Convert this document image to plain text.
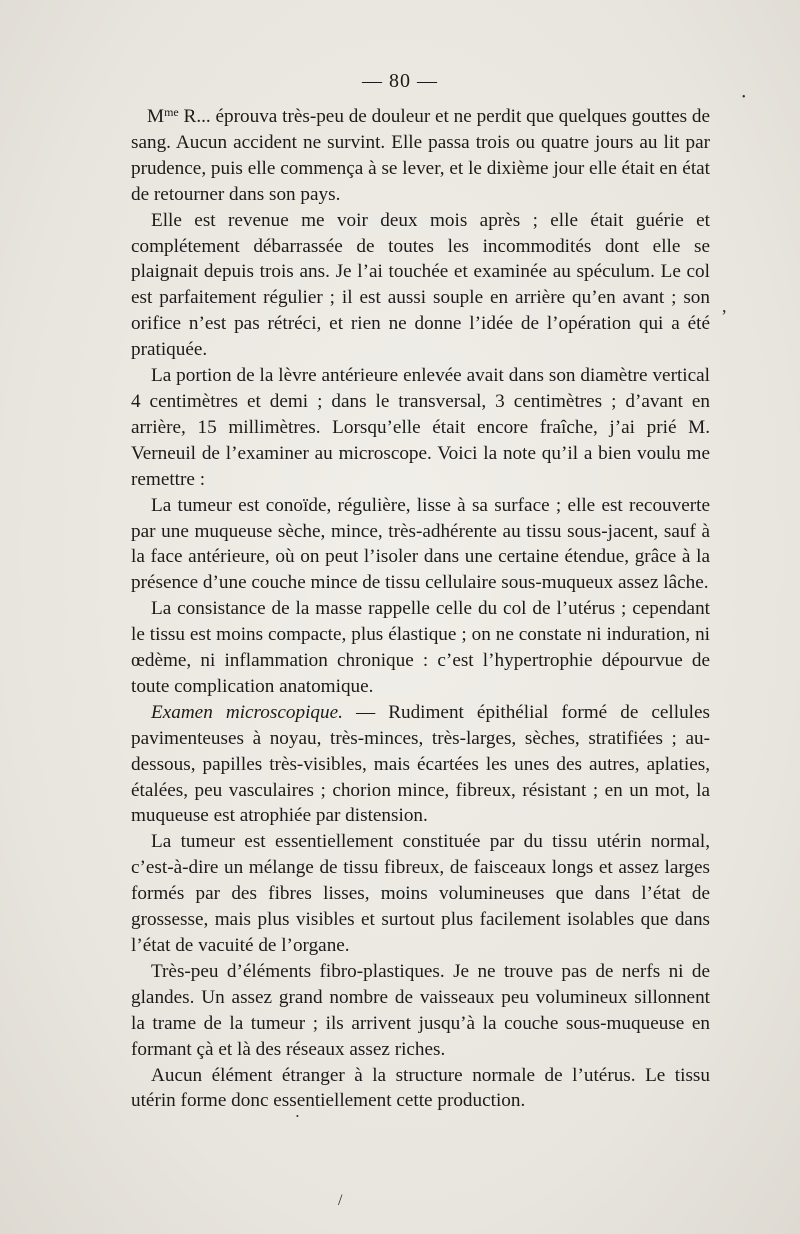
— 80 —

$M^{me}$ R... éprouva très-peu de douleur et ne perdit que quelques gouttes de sang. Aucun accident ne survint. Elle passa trois ou quatre jours au lit par prudence, puis elle commença à se lever, et le dixième jour elle était en état de retourner dans son pays.

Elle est revenue me voir deux mois après ; elle était guérie et complétement débarrassée de toutes les incommodités dont elle se plaignait depuis trois ans. Je l’ai touchée et examinée au spéculum. Le col est parfaitement régulier ; il est aussi souple en arrière qu’en avant ; son orifice n’est pas rétréci, et rien ne donne l’idée de l’opération qui a été pratiquée.

La portion de la lèvre antérieure enlevée avait dans son diamètre vertical 4 centimètres et demi ; dans le transversal, 3 centimètres ; d’avant en arrière, 15 millimètres. Lorsqu’elle était encore fraîche, j’ai prié M. Verneuil de l’examiner au microscope. Voici la note qu’il a bien voulu me remettre :

La tumeur est conoïde, régulière, lisse à sa surface ; elle est recouverte par une muqueuse sèche, mince, très-adhérente au tissu sous-jacent, sauf à la face antérieure, où on peut l’isoler dans une certaine étendue, grâce à la présence d’une couche mince de tissu cellulaire sous-muqueux assez lâche.

La consistance de la masse rappelle celle du col de l’utérus ; cependant le tissu est moins compacte, plus élastique ; on ne constate ni induration, ni œdème, ni inflammation chronique : c’est l’hypertrophie dépourvue de toute complication anatomique.

Examen microscopique. — Rudiment épithélial formé de cellules pavimenteuses à noyau, très-minces, très-larges, sèches, stratifiées ; au-dessous, papilles très-visibles, mais écartées les unes des autres, aplaties, étalées, peu vasculaires ; chorion mince, fibreux, résistant ; en un mot, la muqueuse est atrophiée par distension.

La tumeur est essentiellement constituée par du tissu utérin normal, c’est-à-dire un mélange de tissu fibreux, de faisceaux longs et assez larges formés par des fibres lisses, moins volumineuses que dans l’état de grossesse, mais plus visibles et surtout plus facilement isolables que dans l’état de vacuité de l’organe.

Très-peu d’éléments fibro-plastiques. Je ne trouve pas de nerfs ni de glandes. Un assez grand nombre de vaisseaux peu volumineux sillonnent la trame de la tumeur ; ils arrivent jusqu’à la couche sous-muqueuse en formant çà et là des réseaux assez riches.

Aucun élément étranger à la structure normale de l’utérus. Le tissu utérin forme donc essentiellement cette production.

•
,
/
•
